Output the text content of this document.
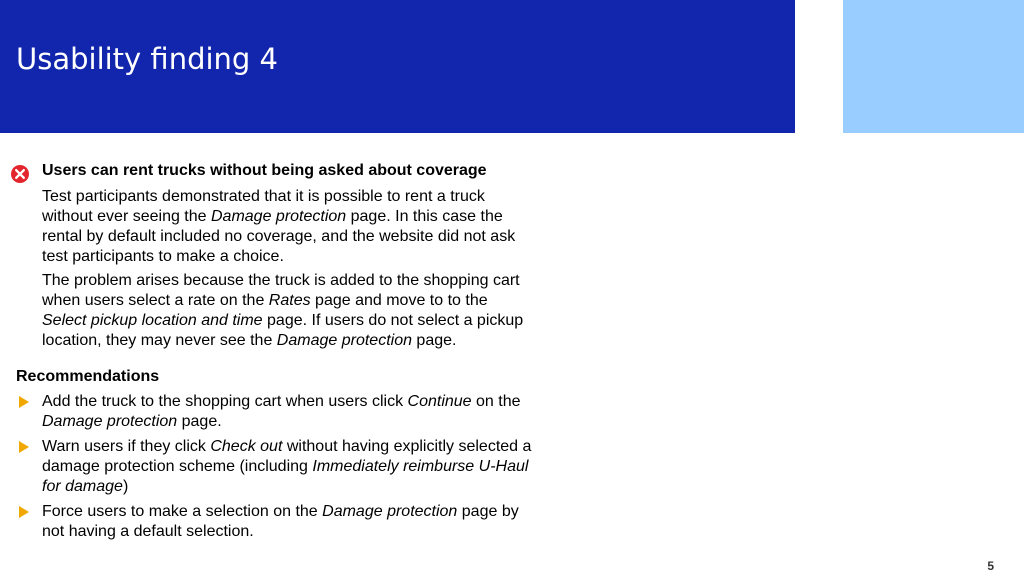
Usability finding 4
Users can rent trucks without being asked about coverage

Test participants demonstrated that it is possible to rent a truck without ever seeing the Damage protection page. In this case the rental by default included no coverage, and the website did not ask test participants to make a choice.

The problem arises because the truck is added to the shopping cart when users select a rate on the Rates page and move to to the Select pickup location and time page. If users do not select a pickup location, they may never see the Damage protection page.

Recommendations
Add the truck to the shopping cart when users click Continue on the Damage protection page.
Warn users if they click Check out without having explicitly selected a damage protection scheme (including Immediately reimburse U-Haul for damage)
Force users to make a selection on the Damage protection page by not having a default selection.
5
